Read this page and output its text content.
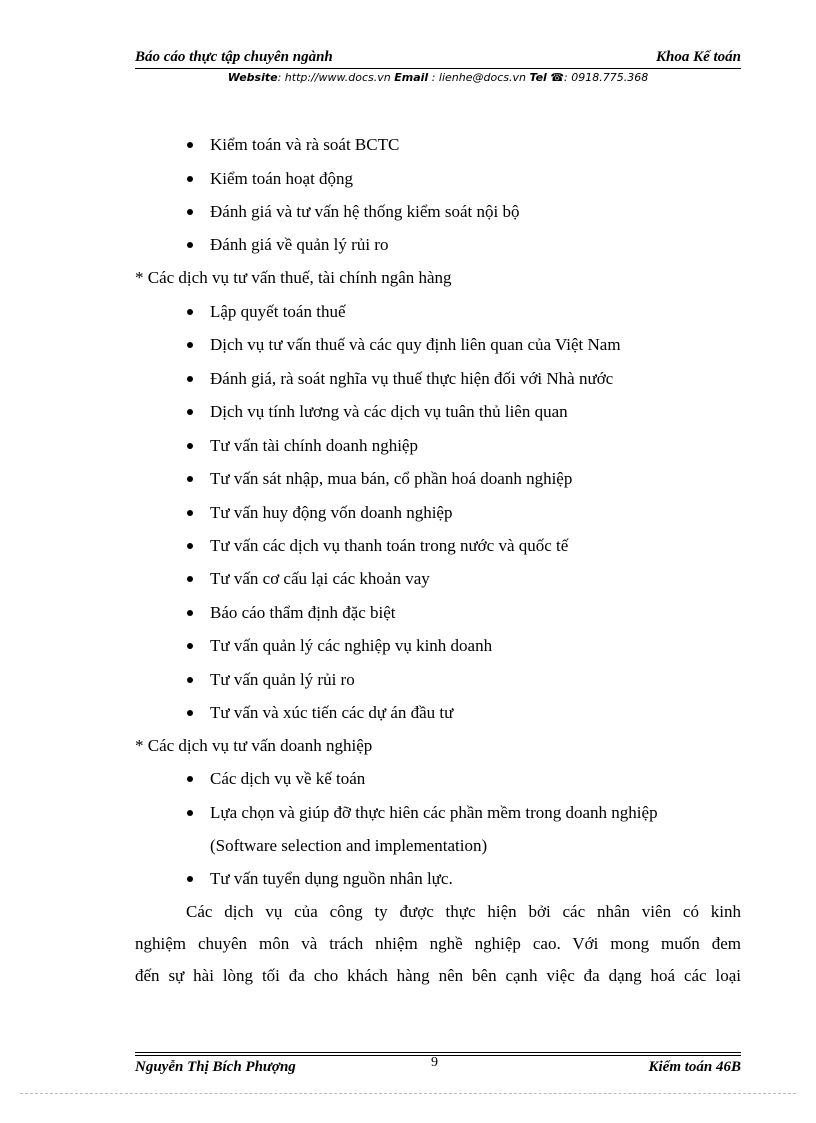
Báo cáo thực tập chuyên ngành	Khoa Kế toán
Website: http://www.docs.vn Email : lienhe@docs.vn Tel ☎: 0918.775.368
Kiểm toán và rà soát BCTC
Kiểm toán hoạt động
Đánh giá và tư vấn hệ thống kiểm soát nội bộ
Đánh giá về quản lý rủi ro
* Các dịch vụ tư vấn thuế, tài chính ngân hàng
Lập quyết toán thuế
Dịch vụ tư vấn thuế và các quy định liên quan của Việt Nam
Đánh giá, rà soát nghĩa vụ thuế thực hiện đối với Nhà nước
Dịch vụ tính lương và các dịch vụ tuân thủ liên quan
Tư vấn tài chính doanh nghiệp
Tư vấn sát nhập, mua bán, cổ phần hoá doanh nghiệp
Tư vấn huy động vốn doanh nghiệp
Tư vấn các dịch vụ thanh toán trong nước và quốc tế
Tư vấn cơ cấu lại các khoản vay
Báo cáo thẩm định đặc biệt
Tư vấn quản lý các nghiệp vụ kinh doanh
Tư vấn quản lý rủi ro
Tư vấn và xúc tiến các dự án đầu tư
* Các dịch vụ tư vấn doanh nghiệp
Các dịch vụ về kế toán
Lựa chọn và giúp đỡ thực hiên các phần mềm trong doanh nghiệp
(Software selection and implementation)
Tư vấn tuyển dụng nguồn nhân lực.
Các dịch vụ của công ty được thực hiện bởi các nhân viên có kinh
nghiệm chuyên môn và trách nhiệm nghề nghiệp cao. Với mong muốn đem
đến sự hài lòng tối đa cho khách hàng nên bên cạnh việc đa dạng hoá các loại
Nguyễn Thị Bích Phượng	9	Kiểm toán 46B
